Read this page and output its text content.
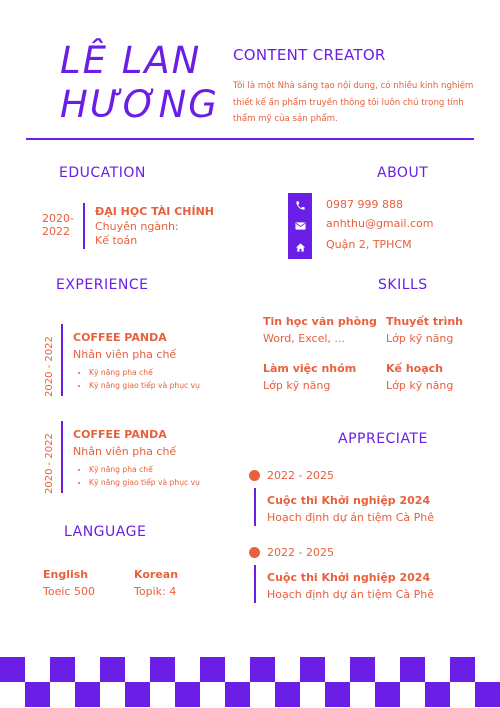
LÊ LAN
HƯƠNG
CONTENT CREATOR
Tôi là một Nhà sáng tạo nội dung, có nhiều kinh nghiệm thiết kế ấn phẩm truyền thông tôi luôn chú trọng tính thẩm mỹ của sản phẩm.
EDUCATION
2020-
2022
ĐẠI HỌC TÀI CHÍNH
Chuyên ngành:
Kế toán
ABOUT
0987 999 888
anhthu@gmail.com
Quận 2, TPHCM
EXPERIENCE
2020 - 2022 COFFEE PANDA
Nhân viên pha chế
• Kỹ năng pha chế
• Kỹ năng giao tiếp và phục vụ
2020 - 2022 COFFEE PANDA
Nhân viên pha chế
• Kỹ năng pha chế
• Kỹ năng giao tiếp và phục vụ
SKILLS
Tin học văn phòng
Word, Excel, ...
Thuyết trình
Lớp kỹ năng
Làm việc nhóm
Lớp kỹ năng
Kế hoạch
Lớp kỹ năng
APPRECIATE
2022 - 2025
Cuộc thi Khởi nghiệp 2024
Hoạch định dự án tiệm Cà Phê
2022 - 2025
Cuộc thi Khởi nghiệp 2024
Hoạch định dự án tiệm Cà Phê
LANGUAGE
English
Toeic 500
Korean
Topik: 4
